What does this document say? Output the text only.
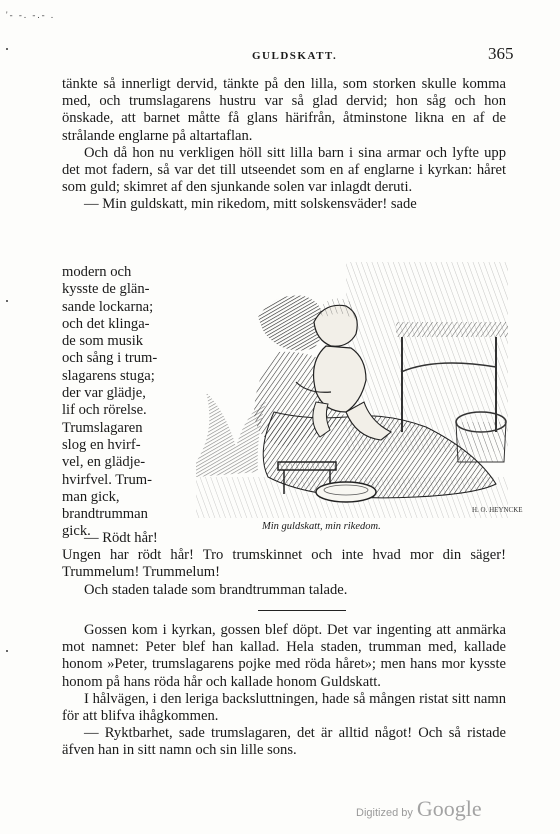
'- -. -.- .
GULDSKATT.	365

tänkte så innerligt dervid, tänkte på den lilla, som storken skulle komma med, och trumslagarens hustru var så glad dervid; hon såg och hon önskade, att barnet måtte få glans härifrån, åtminstone likna en af de strålande englarne på altartaflan.

Och då hon nu verkligen höll sitt lilla barn i sina armar och lyfte upp det mot fadern, så var det till utseendet som en af englarne i kyrkan: håret som guld; skimret af den sjunkande solen var inlagdt deruti.

— Min guldskatt, min rikedom, mitt solskensväder! sade

modern och
kysste de glän-
sande lockarna;
och det klinga-
de som musik
och sång i trum-
slagarens stuga;
der var glädje,
lif och rörelse.
Trumslagaren
slog en hvirf-
vel, en glädje-
hvirfvel. Trum-
man gick,
brandtrumman
gick.
H. O. HEYNCKE
Min guldskatt, min rikedom.

— Rödt hår!

Ungen har rödt hår! Tro trumskinnet och inte hvad mor din säger! Trummelum! Trummelum!

Och staden talade som brandtrumman talade.

Gossen kom i kyrkan, gossen blef döpt. Det var ingenting att anmärka mot namnet: Peter blef han kallad. Hela staden, trumman med, kallade honom »Peter, trumslagarens pojke med röda håret»; men hans mor kysste honom på hans röda hår och kallade honom Guldskatt.

I hålvägen, i den leriga backsluttningen, hade så mången ristat sitt namn för att blifva ihågkommen.

— Ryktbarhet, sade trumslagaren, det är alltid något! Och så ristade äfven han in sitt namn och sin lille sons.

Digitized by Google
